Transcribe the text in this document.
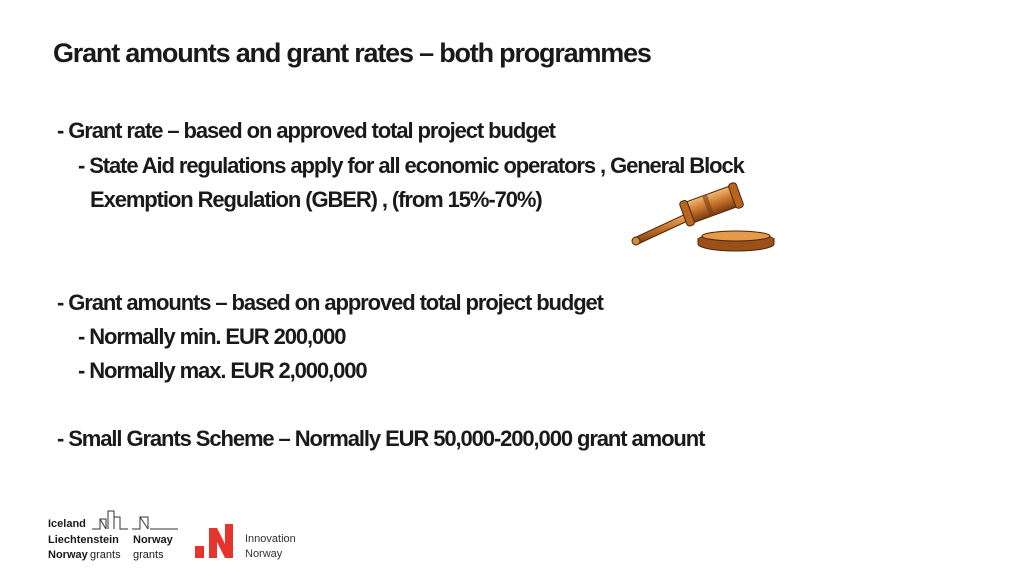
Grant amounts and grant rates – both programmes
- Grant rate – based on approved total project budget
- State Aid regulations apply for all economic operators , General Block
Exemption Regulation (GBER) , (from 15%-70%)
- Grant amounts – based on approved total project budget
- Normally min. EUR 200,000
- Normally max. EUR 2,000,000
- Small Grants Scheme – Normally EUR 50,000-200,000 grant amount
Iceland
Liechtenstein Norway
Norway grants grants
Innovation
Norway
